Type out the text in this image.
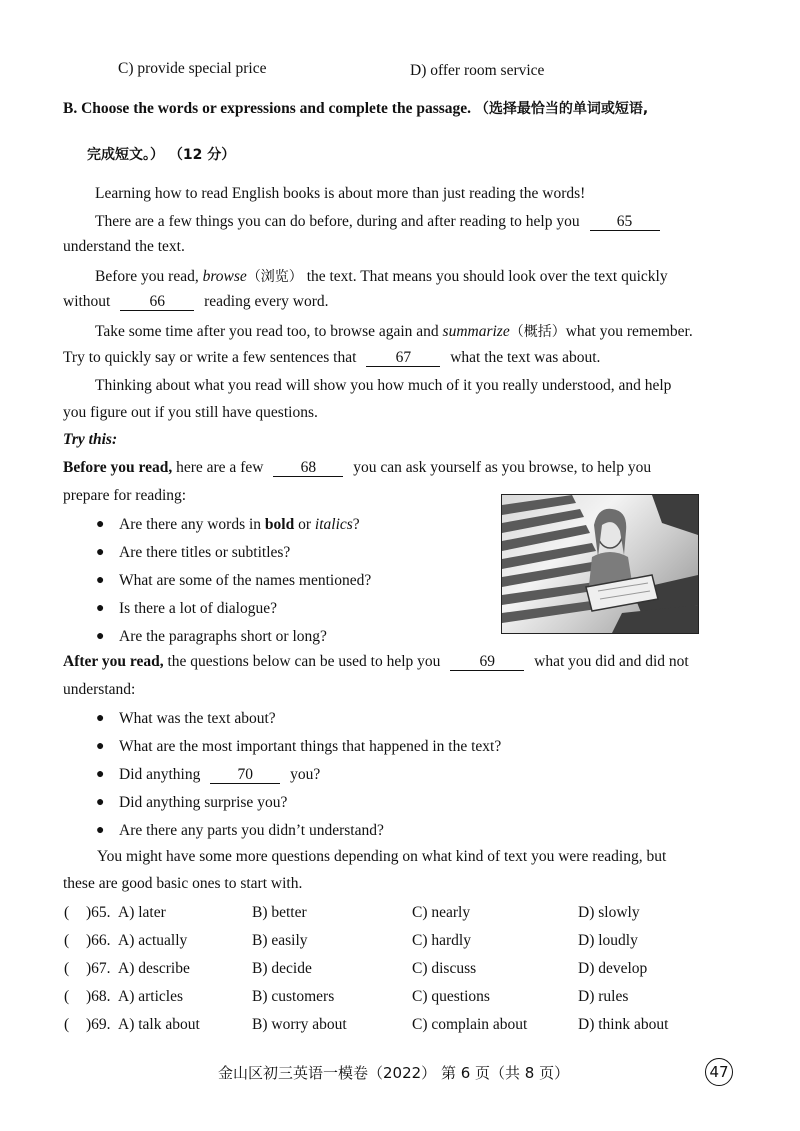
C) provide special price	D) offer room service
B. Choose the words or expressions and complete the passage. （选择最恰当的单词或短语,
完成短文。） （12 分）
Learning how to read English books is about more than just reading the words!
There are a few things you can do before, during and after reading to help you 65
understand the text.
Before you read, browse（浏览） the text. That means you should look over the text quickly
without	66	reading every word.
Take some time after you read too, to browse again and summarize（概括）what you remember.
Try to quickly say or write a few sentences that	67	what the text was about.
Thinking about what you read will show you how much of it you really understood, and help
you figure out if you still have questions.
Try this:
Before you read, here are a few 68 you can ask yourself as you browse, to help you
prepare for reading:
● Are there any words in bold or italics?
● Are there titles or subtitles?
● What are some of the names mentioned?
● Is there a lot of dialogue?
● Are the paragraphs short or long?
After you read, the questions below can be used to help you	69	what you did and did not
understand:
● What was the text about?
● What are the most important things that happened in the text?
● Did anything 70 you?
● Did anything surprise you?
● Are there any parts you didn’t understand?
You might have some more questions depending on what kind of text you were reading, but
these are good basic ones to start with.
( )65. A) later	B) better	C) nearly	D) slowly
( )66. A) actually	B) easily	C) hardly	D) loudly
( )67. A) describe	B) decide	C) discuss	D) develop
( )68. A) articles	B) customers	C) questions	D) rules
( )69. A) talk about	B) worry about	C) complain about	D) think about
金山区初三英语一模卷（2022） 第 6 页（共 8 页）	47
